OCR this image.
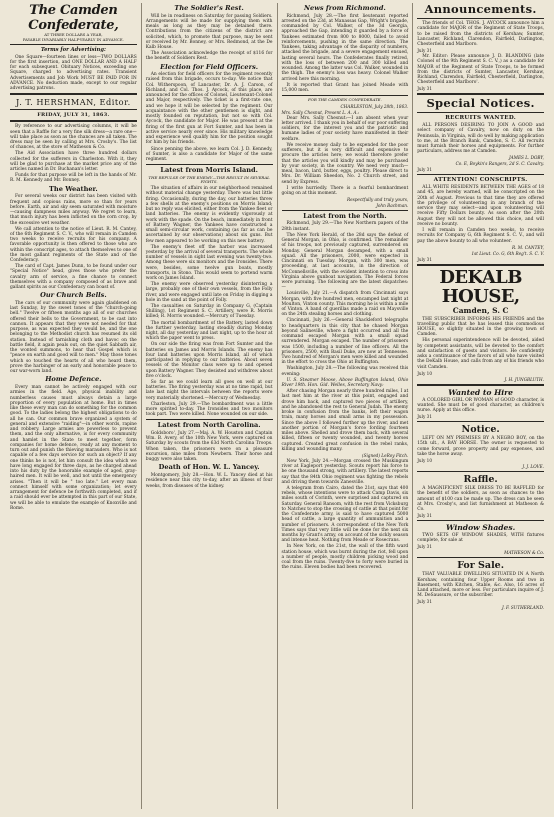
The Camden Confederate,
AT THREE DOLLARS A YEAR,
PAYABLE INVARIABLY HALF-YEARLY IN ADVANCE.
Terms for Advertising:

One Square—fourteen lines or less—TWO DOLLARS for the first insertion, and ONE DOLLAR AND A HALF for each subsequent. Obituary Notices, exceeding one Square, charged to advertising rates. Transient Advertisements and Job Work MUST BE PAID FOR IN ADVANCE. No deduction made, except to our regular advertising patrons.

J. T. HERSHMAN, Editor.
FRIDAY, JULY 31, 1863.

By reference to our advertising columns, it will be seen that a Raffle for a very fine silk dress—a rare one—will take place as soon as the chances are all taken. The dress may be seen by calling at Mrs. Crosby's. The list of chances, at the store of Matheson & Co.

The Aid Association have three hundred dollars collected for the sufferers in Charleston. With it, they will be glad to purchase at the market price any of the articles named in Dr. Buchanan's letter.

Funds for that purpose will be left in the hands of Mr. R. M. Kennedy and Mr. Bonney.

The Weather.

For several weeks our district has been visited with frequent and copious rains, more so than for years before. Earth, air and sky seem saturated with moisture—causing dampness miles anyway. We regret to learn, that much injury has been inflicted on the corn crop, by the excessive wet weather.

We call attention to the notice of Lieut. R. M. Cantey, of the 6th Regiment S. C. V., who will remain in Camden two weeks to receive recruits for his company. A favorable opportunity is then offered to those who are within the conscript ages, to attach themselves to one of the most gallant regiments of the State and of the Confederacy.

The card of Capt. James Dunn, to be found under our "Special Notice" head, gives those who prefer the cavalry arm of service, a fine chance to connect themselves with a company composed of as brave and gallant spirits as our Confederacy can boast of.

Our Church Bells.

The cars of our community were again gladdened on last Sunday, by the sweet tones of the "church-going bell." Twelve or fifteen months ago all of our churches offered their bells to the Government, to be cast into cannon. It appears that they were not needed for that purpose, as was expected they would be, and the one belonging to the Methodist church has resumed its old station. Instead of tarnishing cloth and havoc on the battle field, it again peals out, on the quiet Sabbath air, the wonted summons, to hear that Gospel which is "peace on earth and good will to men." May those tones which so touched the hearts of all who heard them, prove the harbinger of an early and honorable peace to our war-worn land.

Home Defence.

Every man cannot be actively engaged with our armies in the field. Age, physical inability and numberless causes must always detain a large proportion of every population at home. But in times like these every man can do something for the common good. To the ladies belong the highest obligations to do all he can. Our common brave organized a system of general and extensive "raiding"—in other words, rapine and robbery. Large armies are powerless to prevent them, and the only alternative, is for every community and hamlet in the State to meet together, form companies for home defence, ready at any moment to turn out and punish the thieving marauders. Who is not capable of a few days service for such an object? If any one thinks he is not, let him consult the idea which we have long engaged for three days, as he charged ahead into his duty by the honorable example of aged, gray-haired men. It will be well, and not until the emergency arises. "Then it will be " too late." Let every man connect himself with some organization; let every arrangement for defence be forthwith completed, and if a raid should ever be attempted in this part of our State, we will be able to emulate the example of Knoxville and Rome.

The Soldier's Rest.

Will be in readiness on Saturday for passing Soldiers. Arrangements will be made for supplying them with meals as long as they may be detained there. Contributions from the citizens of the district are solicited, which, to promote that purpose, may be sent or received by Mr. Bonney, or Mrs. Redmond, at the De Kalb House.

The Association acknowledge the receipt of $116 for the benefit of Soldiers Rest.

Election for Field Officers.

An election for field officers for the regiment recently raised from this brigade, occurs to-day. We notice that Col. Witherspoon, of Lancaster, Dr. A. J. Carson, of Richland, and Col. Thos. J. Aycock, of this place, are announced for the offices of Colonel, Lieutenant-Colonel and Major, respectively. The ticket is a first-rate one, and we hope it will be selected by the regiment. Our acquaintance with the other gentlemen is slight, and mostly founded on reputation, but not so with Col. Aycock, the candidate for Major. He was present at the firing of the first gun at Fort Sumter, and has been in active service nearly ever since. His military knowledge and experience well qualify him for the position sought for him by his friends.

Since penning the above, we learn Col. J. D. Kennedy, of Sumter, is also a candidate for Major of the same regiment.

Latest from Morris Island.
THE REPULSE OF THE ENEMY—THE RESULT IN SEVERAL FIGHTS.

The situation of affairs in our neighborhood remained without material change yesterday. There was but little firing. Occasionally, during the day, our batteries threw a few shells at the enemy's positions on Morris Island; but no reply was elicited, either from the Yankee fleet or land batteries. The enemy is evidently vigorously at work with the spade. On the beach, immediately in front of Battery Wagner, the Yankees have constructed a small semi-circular work, containing (as far as can be ascertained by our observations) about six guns. But few men appeared to be working on this new battery.

The enemy's fleet off the harbor was increased yesterday by the arrival of several transports. The whole number of vessels in sight last evening was twenty-two. Among these were six monitors and the Ironsides. There were, besides, some twelve gun boats, mostly transports, in Stono. This would seem to portend warm work on James Island.

The enemy were observed yesterday disinterring a large, probably one of their own vessels, from the Folly river, and were engaged until late on Friday in digging a hole in the sand at the point of Folly.

The casualties on Saturday in Company G, (Captain Shilling), 1st Regiment S. C. Artillery, were R. Morris killed; R. Morris wounded.—Mercury of Tuesday.

The mortal bombardment of the Battery, lasted down the further yesterday, lasting steadily during Monday night, all day yesterday and last night, up to the hour at which the paper went to press.

On our side the firing was from Fort Sumter and the batteries on James and Morris Islands. The enemy has four land batteries upon Morris Island, all of which participated in replying to our batteries. About seven vessels of the Monitor class were up to and opened upon Battery Wagner. They desisted and withdrew about five o'clock.

So far as we could learn all goes on well at our batteries. The firing yesterday was at no time rapid, but late last night the intervals between the reports were very materially shortened.—Mercury of Wednesday.

Charleston, July 29.—The bombardment was a little more spirited to-day. The Ironsides and two monitors took part. Two were killed. None wounded on our side.

Latest from North Carolina.

Goldsboro', July 27.—Maj. A. W. Houston and Captain Wm. B. Avery, of the 10th New York, were captured on Saturday by scouts from the 63d North Carolina Troops. When taken, the prisoners were on a pleasure excursion, nine miles from Newbern. Their horse and buggy were also taken.

Death of Hon. W. L. Yancey.

Montgomery, July 28.—Hon. W. L. Yancey died at his residence near this city to-day, after an illness of four weeks, from diseases of the kidney.

News from Richmond.

Richmond, July 28.—The first lieutenant reported arrested on the 23d, at Manassas Gap, Wright's brigade, commanded by Col. Walker, of the 3d Georgia, approached the Gap, intending it guarded by a force of Yankees estimated from 800 to 8000, failed to avoid reinforcements, pushing in the same direction. The Yankees, taking advantage of the disparity of numbers, attacked the brigade, and a severe engagement ensued, lasting several hours. The Confederates finally retired, with the loss of between 200 and 300 killed and wounded. Among the latter was Col. Walker, wounded in the thigh. The enemy's loss was heavy. Colonel Walker arrived here this morning.

It is reported that Grant has joined Meade with 15,000 men.

FOR THE CAMDEN CONFEDERATE.
CHARLESTON, July 28th, 1863.
Mrs. Sally Chesnut, Present L. A. A.:

Dear Mrs. Sally Chesnut:—I am absent when your letter arrived. I thank you in behalf of our poor suffering soldiers, for the interest you and the patriotic and humane ladies of your society have manifested in their welfare.

We receive money daily to be expended for the poor sufferers, but it is very difficult and expensive to procure the articles here; we would therefore prefer that the articles you will kindly and may be purchased by your society, in the country. We need very much—meal, bacon, lard, butter, eggs, poultry. Please direct to Mrs. Dr. William Sheedon, No. 2 Church street, and send by Express.

I write hurriedly. There is a fearful bombardment going on at this moment.

Respectfully and truly yours,
John Bachman.
Latest from the North.

Richmond, July 29.—The New Northern papers of the 28th instant.

The New York Herald, of the 28d says the defeat of General Morgan, in Ohio, is confirmed. The remainder of his troops, not previously captured, surrendered on Monday. General Morgan decamped, with a small squad. All the prisoners, 2000, were expected in Cincinnati on Tuesday. Morgan, with 300 men, was proceeding, at last accounts, in the direction of McConnellsville, with the evident intention to cross into Virginia above gunboat navigation. The Federal forces were pursuing. The following are the latest dispatches:—

Louisville, July 21.—A dispatch from Cincinnati says Morgan, with five hundred men, encamped last night at Moulton, Vinton county. This morning he is within a mile of Vinton. A band of guerillas made a raid on Maysville on the 24th stealing horses and clothing.

Cincinnati, July 26.—General Shackleford telegraphs to headquarters in this city that he chased Morgan beyond Salineville, where a fight occurred and all the command escaped Morgan with a small squad surrendered. Morgan escaped. The number of prisoners was 1500, including a number of line officers. All the prisoners, 2500, with Basil Duke, are now at Tennessee. Two hundred of Morgan's men were killed and wounded in the effort to cross the Ohio at Buffington.

Washington, July 28.—The following was received this evening:

U. S. Steamer Moose, Above Buffington Island, Ohio River 19th. Hon. Gid. Welles, Secretary Navy:

After chasing Morgan nearly three hundred miles, I at last met him at the river at this point, engaged and drove him back, and captured two pieces of artillery, and he abandoned the rest to General Judah. The enemy broke in confusion from the banks, left their wagon train, many horses and small arms in my possession. Since the above I followed further up the river, and met another portion of Morgan's force fording fourteen miles above. Shelled and drove them back, with several killed, fifteen or twenty wounded, and twenty horses captured. Created great confusion in the rebel ranks, killing and wounding many.

(Signed) LeRoy Fitch.

New York, July 24.—Morgan crossed the Muskingum river at Eagleport yesterday. Scouts report his force to be one thousand strong, with artillery. The latest reports say that the 84th Ohio regiment was fighting the rebels and driving them towards Zanesville.

A telegram from Cairo, dated the 21st, says that 400 rebels, whose intentions were to attack Camp Davis, six miles south of Corinth, were surprised and captured on Saturday. General Ransom, with the rest from Vicksburg to Natchez to stop the crossing of cattle at that point for the Confederate army, is said to have captured 5000 head of cattle, a large quantity of ammunition and a number of prisoners. A correspondent of the New York Times says that very little will be done for the next six months by Grant's army, on account of the sickly season and intense heat. Nothing from Meade or Rosecrans.

In New York, on the 21st, the wall of the fifth ward station house, which was burnt during the riot, fell upon a number of people, mostly children picking wood and coal from the ruins. Twenty-five to forty were buried in the ruins. Eleven bodies had been recovered.

Announcements.

The friends of Col. THOS. J. AYCOCK announce him a candidate for MAJOR of the Regiment of State Troops, to be raised from the districts of Kershaw, Sumter, Lancaster, Richland, Clarendon, Fairfield, Darlington, Chesterfield and Marlboro.

July 31

Mr. Editor: Please announce J. D. BLANDING (late Colonel of the 9th Regiment S. C. V.,) as a candidate for MAJOR of the Regiment of State Troops, to be formed from the districts of Sumter, Lancaster, Kershaw, Richland, Clarendon, Fairfield, Chesterfield, Darlington, Chesterfield and Marlboro'.

July 31
Special Notices.
RECRUITS WANTED.

ALL PERSONS DESIRING TO JOIN A GOOD and select company of Cavalry, now on duty on the Peninsula, in Virginia, will do well by making application to me, at the Branch Bank, Camden, S. C. All recruits must furnish their horses and equipments. For further particulars, address me at Camden.

JAMES L. DOBY,
Co. E, Boykin's Rangers, 2d S. C. Cavalry.
July 31
ATTENTION! CONSCRIPTS.

ALL WHITE RESIDENTS BETWEEN THE AGES of 18 and 45, are hereby warned, will be conscripted on the 20th of August. Previous to that time they are offered the privilege of volunteering in any branch of the service they may select—and upon volunteering will receive Fifty Dollars bounty. As soon after the 20th August they will not be allowed this choice, and will receive no bounty.

I will remain in Camden two weeks, to receive recruits for Company G, 6th Regiment S. C. V., and will pay the above bounty to all who volunteer.

R. M. CANTEY,
1st Lieut. Co. G, 6th Reg't. S. C. V.
July 31
DEKALB HOUSE,
Camden, S. C

THE SUBSCRIBER INFORMS HIS FRIENDS and the travelling public that he has leased this commodious HOUSE, so slightly situated in the growing town of Camden.

His personal superintendence will be devoted, aided by competent assistants, will be devoted to the comfort and satisfaction of guests and visitors. He confidently asks a continuance of the favors of all who have visited the DeKalb House, and calls from any of his friends who visit Camden.

July 10
J. H. JUNGBLUTH.
Wanted to Hire

A COLORED GIRL OR WOMAN of GOOD character, is wanted. She must be of good character, as children's nurse. Apply at this office.

July 31
Notice.

LEFT ON MY PREMISES BY A NEGRO BOY, on the 15th ult., A BAY HORSE. The owner is requested to come forward, prove property and pay expenses, and take the horse away.

July 10
J. J. LOVE.
Raffle.

A MAGNIFICENT SILK DRESS TO BE RAFFLED for the benefit of the soldiers, as soon as chances to the amount of $100 can be made up. The dress can be seen at Mrs. Crosby's, and list furnishment at Matheson & Co.

July 31
Window Shades.

TWO SETS OF WINDOW SHADES, WITH fixtures complete, for sale at

July 31
MATHESON & Co.
For Sale.

THAT VALUABLE DWELLING SITUATED IN A North Kershaw, containing four Upper Rooms and two in Basement, with Kitchen, Stable, &c. Also, 16 acres of Land attached, more or less. For particulars inquire of J. M. DeSaussure, or the subscriber.

July 31
J. F. SUTHERLAND.
